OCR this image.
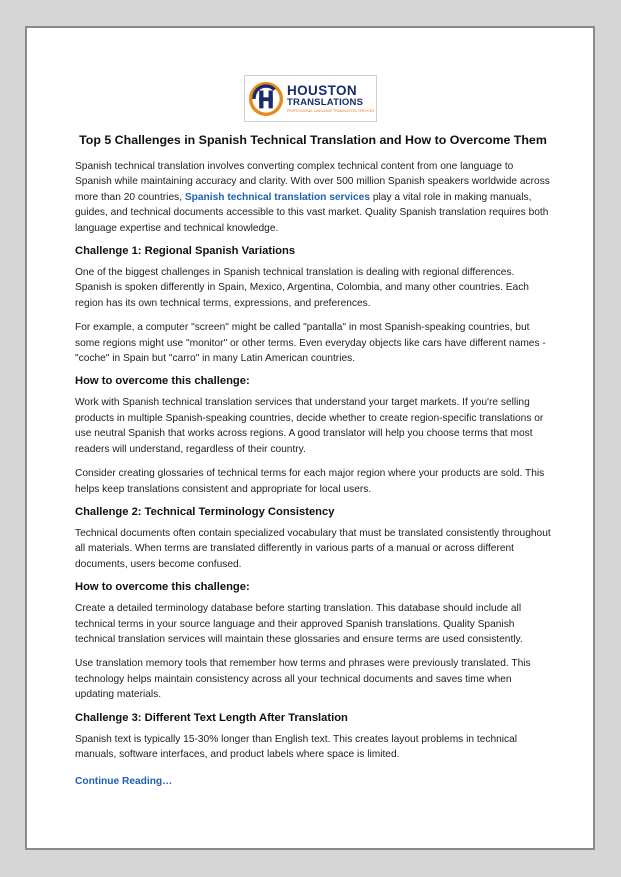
HOUSTON
TRANSLATIONS
PROFESSIONAL LANGUAGE TRANSLATION SERVICES
Top 5 Challenges in Spanish Technical Translation and How to Overcome Them

Spanish technical translation involves converting complex technical content from one language to Spanish while maintaining accuracy and clarity. With over 500 million Spanish speakers worldwide across more than 20 countries, Spanish technical translation services play a vital role in making manuals, guides, and technical documents accessible to this vast market. Quality Spanish translation requires both language expertise and technical knowledge.

Challenge 1: Regional Spanish Variations

One of the biggest challenges in Spanish technical translation is dealing with regional differences. Spanish is spoken differently in Spain, Mexico, Argentina, Colombia, and many other countries. Each region has its own technical terms, expressions, and preferences.

For example, a computer "screen" might be called "pantalla" in most Spanish-speaking countries, but some regions might use "monitor" or other terms. Even everyday objects like cars have different names - "coche" in Spain but "carro" in many Latin American countries.

How to overcome this challenge:

Work with Spanish technical translation services that understand your target markets. If you're selling products in multiple Spanish-speaking countries, decide whether to create region-specific translations or use neutral Spanish that works across regions. A good translator will help you choose terms that most readers will understand, regardless of their country.

Consider creating glossaries of technical terms for each major region where your products are sold. This helps keep translations consistent and appropriate for local users.

Challenge 2: Technical Terminology Consistency

Technical documents often contain specialized vocabulary that must be translated consistently throughout all materials. When terms are translated differently in various parts of a manual or across different documents, users become confused.

How to overcome this challenge:

Create a detailed terminology database before starting translation. This database should include all technical terms in your source language and their approved Spanish translations. Quality Spanish technical translation services will maintain these glossaries and ensure terms are used consistently.

Use translation memory tools that remember how terms and phrases were previously translated. This technology helps maintain consistency across all your technical documents and saves time when updating materials.

Challenge 3: Different Text Length After Translation

Spanish text is typically 15-30% longer than English text. This creates layout problems in technical manuals, software interfaces, and product labels where space is limited.

Continue Reading…
